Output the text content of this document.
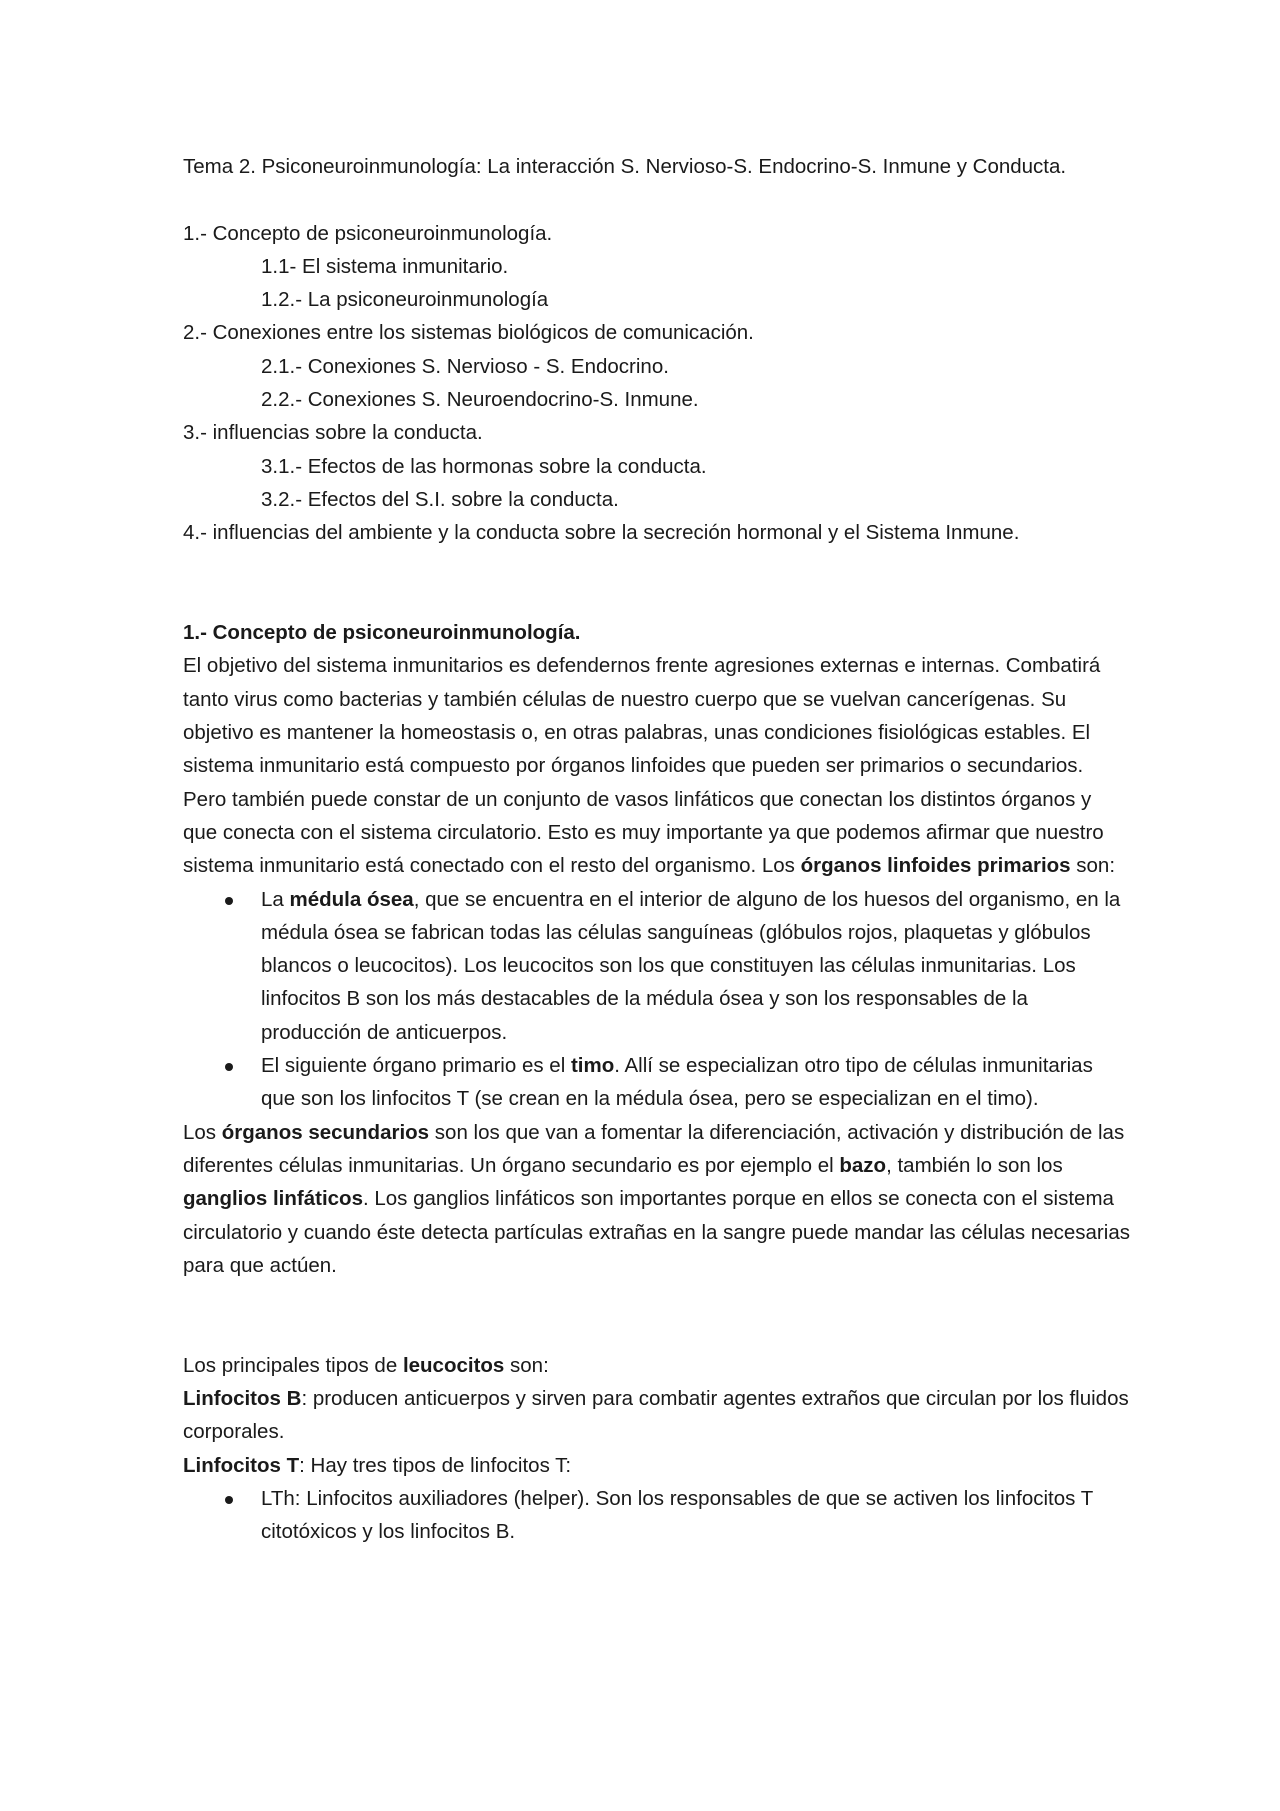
Tema 2. Psiconeuroinmunología: La interacción S. Nervioso-S. Endocrino-S. Inmune y Conducta.

1.- Concepto de psiconeuroinmunología.

1.1- El sistema inmunitario.

1.2.- La psiconeuroinmunología

2.- Conexiones entre los sistemas biológicos de comunicación.

2.1.- Conexiones S. Nervioso - S. Endocrino.

2.2.- Conexiones S. Neuroendocrino-S. Inmune.

3.- influencias sobre la conducta.

3.1.- Efectos de las hormonas sobre la conducta.

3.2.- Efectos del S.I. sobre la conducta.

4.- influencias del ambiente y la conducta sobre la secreción hormonal y el Sistema Inmune.

1.- Concepto de psiconeuroinmunología.

El objetivo del sistema inmunitarios es defendernos frente agresiones externas e internas. Combatirá tanto virus como bacterias y también células de nuestro cuerpo que se vuelvan cancerígenas. Su objetivo es mantener la homeostasis o, en otras palabras, unas condiciones fisiológicas estables. El sistema inmunitario está compuesto por órganos linfoides que pueden ser primarios o secundarios. Pero también puede constar de un conjunto de vasos linfáticos que conectan los distintos órganos y que conecta con el sistema circulatorio. Esto es muy importante ya que podemos afirmar que nuestro sistema inmunitario está conectado con el resto del organismo. Los órganos linfoides primarios son:

La médula ósea, que se encuentra en el interior de alguno de los huesos del organismo, en la médula ósea se fabrican todas las células sanguíneas (glóbulos rojos, plaquetas y glóbulos blancos o leucocitos). Los leucocitos son los que constituyen las células inmunitarias. Los linfocitos B son los más destacables de la médula ósea y son los responsables de la producción de anticuerpos.
El siguiente órgano primario es el timo. Allí se especializan otro tipo de células inmunitarias que son los linfocitos T (se crean en la médula ósea, pero se especializan en el timo).

Los órganos secundarios son los que van a fomentar la diferenciación, activación y distribución de las diferentes células inmunitarias. Un órgano secundario es por ejemplo el bazo, también lo son los ganglios linfáticos. Los ganglios linfáticos son importantes porque en ellos se conecta con el sistema circulatorio y cuando éste detecta partículas extrañas en la sangre puede mandar las células necesarias para que actúen.

Los principales tipos de leucocitos son:

Linfocitos B: producen anticuerpos y sirven para combatir agentes extraños que circulan por los fluidos corporales.

Linfocitos T: Hay tres tipos de linfocitos T:

LTh: Linfocitos auxiliadores (helper). Son los responsables de que se activen los linfocitos T citotóxicos y los linfocitos B.
